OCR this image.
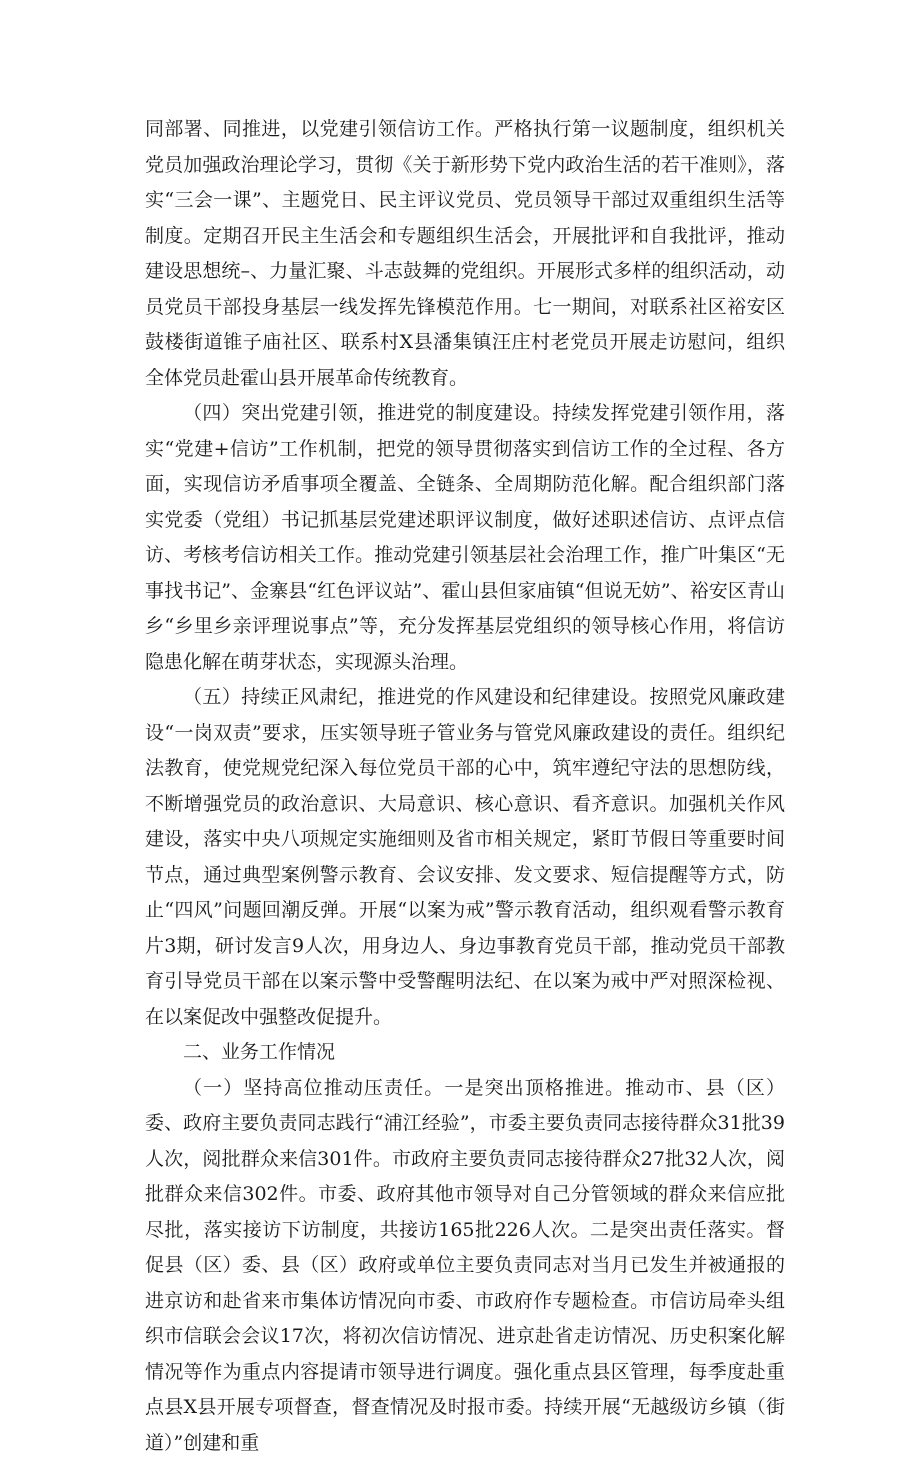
同部署、同推进，以党建引领信访工作。严格执行第一议题制度，组织机关党员加强政治理论学习，贯彻《关于新形势下党内政治生活的若干准则》，落实“三会一课”、主题党日、民主评议党员、党员领导干部过双重组织生活等制度。定期召开民主生活会和专题组织生活会，开展批评和自我批评，推动建设思想统–、力量汇聚、斗志鼓舞的党组织。开展形式多样的组织活动，动员党员干部投身基层一线发挥先锋模范作用。七一期间，对联系社区裕安区鼓楼街道锥子庙社区、联系村X县潘集镇汪庄村老党员开展走访慰问，组织全体党员赴霍山县开展革命传统教育。

（四）突出党建引领，推进党的制度建设。持续发挥党建引领作用，落实“党建+信访”工作机制，把党的领导贯彻落实到信访工作的全过程、各方面，实现信访矛盾事项全覆盖、全链条、全周期防范化解。配合组织部门落实党委（党组）书记抓基层党建述职评议制度，做好述职述信访、点评点信访、考核考信访相关工作。推动党建引领基层社会治理工作，推广叶集区“无事找书记”、金寨县“红色评议站”、霍山县但家庙镇“但说无妨”、裕安区青山乡“乡里乡亲评理说事点”等，充分发挥基层党组织的领导核心作用，将信访隐患化解在萌芽状态，实现源头治理。

（五）持续正风肃纪，推进党的作风建设和纪律建设。按照党风廉政建设“一岗双责”要求，压实领导班子管业务与管党风廉政建设的责任。组织纪法教育，使党规党纪深入每位党员干部的心中，筑牢遵纪守法的思想防线，不断增强党员的政治意识、大局意识、核心意识、看齐意识。加强机关作风建设，落实中央八项规定实施细则及省市相关规定，紧盯节假日等重要时间节点，通过典型案例警示教育、会议安排、发文要求、短信提醒等方式，防止“四风”问题回潮反弹。开展“以案为戒”警示教育活动，组织观看警示教育片3期，研讨发言9人次，用身边人、身边事教育党员干部，推动党员干部教育引导党员干部在以案示警中受警醒明法纪、在以案为戒中严对照深检视、在以案促改中强整改促提升。

二、业务工作情况

（一）坚持高位推动压责任。一是突出顶格推进。推动市、县（区）委、政府主要负责同志践行“浦江经验”，市委主要负责同志接待群众31批39人次，阅批群众来信301件。市政府主要负责同志接待群众27批32人次，阅批群众来信302件。市委、政府其他市领导对自己分管领域的群众来信应批尽批，落实接访下访制度，共接访165批226人次。二是突出责任落实。督促县（区）委、县（区）政府或单位主要负责同志对当月已发生并被通报的进京访和赴省来市集体访情况向市委、市政府作专题检查。市信访局牵头组织市信联会会议17次，将初次信访情况、进京赴省走访情况、历史积案化解情况等作为重点内容提请市领导进行调度。强化重点县区管理，每季度赴重点县X县开展专项督查，督查情况及时报市委。持续开展“无越级访乡镇（街道）”创建和重
